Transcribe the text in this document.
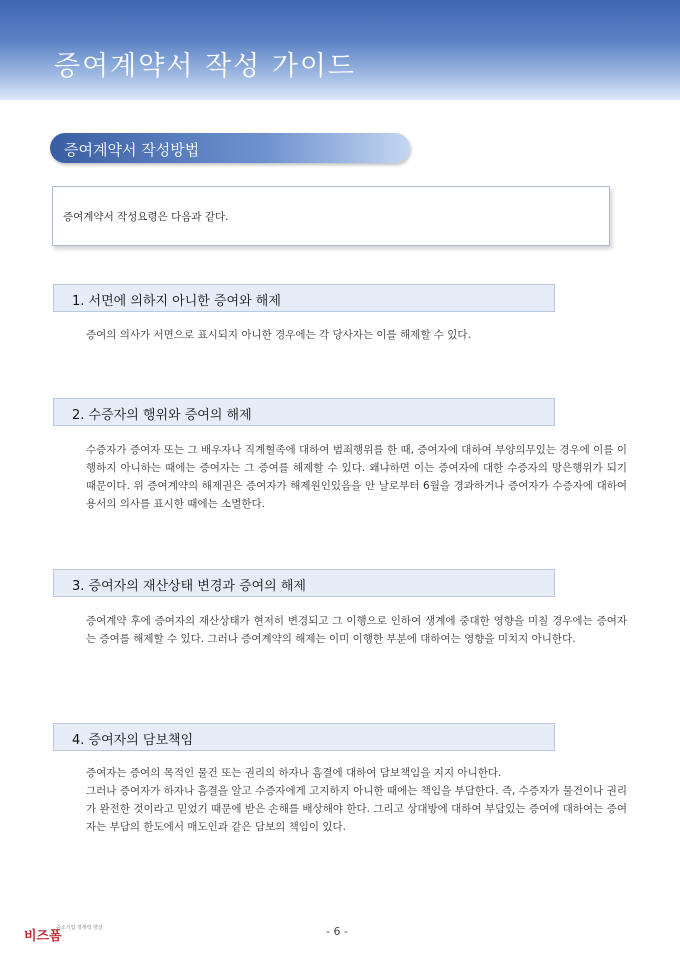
증여계약서 작성 가이드
증여계약서 작성방법
증여계약서 작성요령은 다음과 같다.
1. 서면에 의하지 아니한 증여와 해제

증여의 의사가 서면으로 표시되지 아니한 경우에는 각 당사자는 이를 해제할 수 있다.

2. 수증자의 행위와 증여의 해제

수증자가 증여자 또는 그 배우자나 직계혈족에 대하여 범죄행위를 한 때, 증여자에 대하여 부양의무있는 경우에 이를 이행하지 아니하는 때에는 증여자는 그 증여를 해제할 수 있다. 왜냐하면 이는 증여자에 대한 수증자의 망은행위가 되기 때문이다. 위 증여계약의 해제권은 증여자가 해제원인있음을 안 날로부터 6월을 경과하거나 증여자가 수증자에 대하여 용서의 의사를 표시한 때에는 소멸한다.

3. 증여자의 재산상태 변경과 증여의 해제

증여계약 후에 증여자의 재산상태가 현저히 변경되고 그 이행으로 인하여 생계에 중대한 영향을 미칠 경우에는 증여자는 증여를 해제할 수 있다. 그러나 증여계약의 해제는 이미 이행한 부분에 대하여는 영향을 미치지 아니한다.

4. 증여자의 담보책임

증여자는 증여의 목적인 물건 또는 권리의 하자나 흠결에 대하여 담보책임을 지지 아니한다.

그러나 증여자가 하자나 흠결을 알고 수증자에게 고지하지 아니한 때에는 책임을 부담한다. 즉, 수증자가 물건이나 권리가 완전한 것이라고 믿었기 때문에 받은 손해를 배상해야 한다. 그리고 상대방에 대하여 부담있는 증여에 대하여는 증여자는 부담의 한도에서 매도인과 같은 담보의 책임이 있다.

비즈폼
중소기업 경쟁력 향상	- 6 -
